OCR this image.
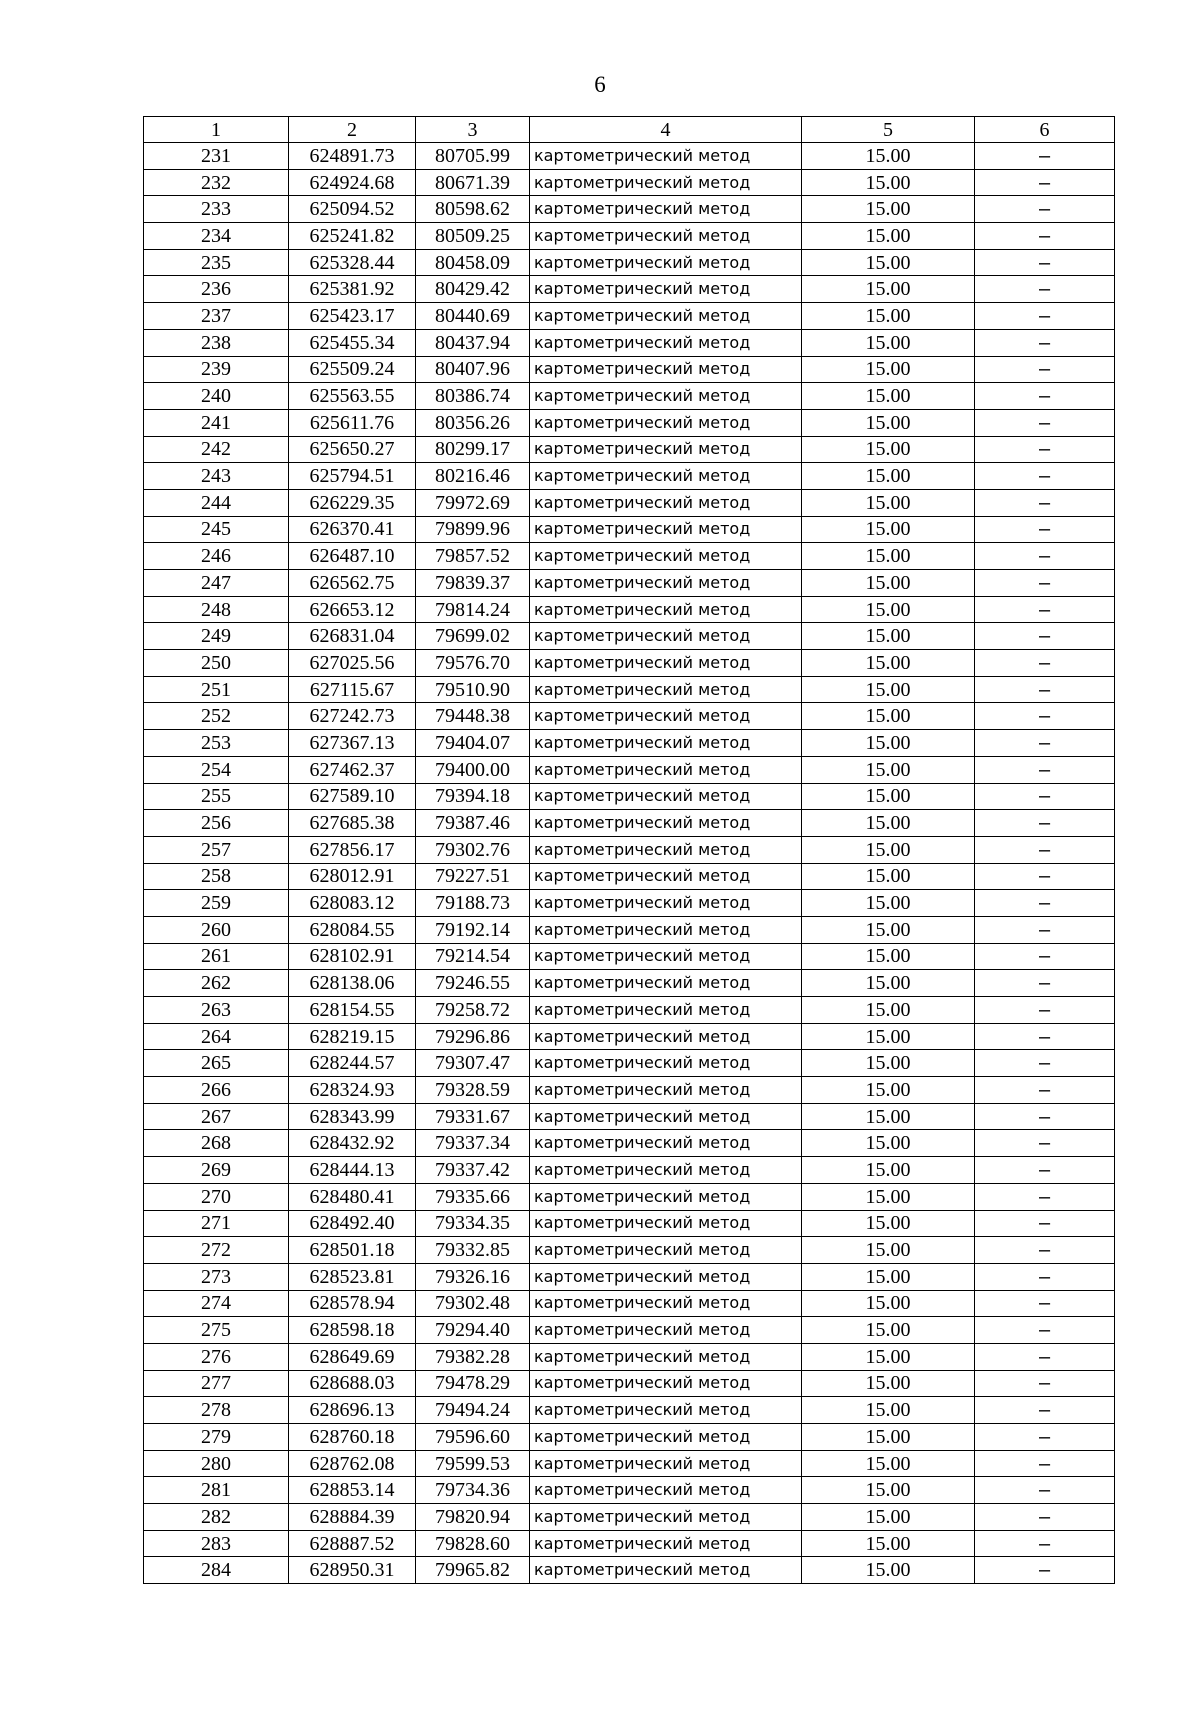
6
1	2	3	4	5	6
231	624891.73	80705.99	картометрический метод	15.00	–
232	624924.68	80671.39	картометрический метод	15.00	–
233	625094.52	80598.62	картометрический метод	15.00	–
234	625241.82	80509.25	картометрический метод	15.00	–
235	625328.44	80458.09	картометрический метод	15.00	–
236	625381.92	80429.42	картометрический метод	15.00	–
237	625423.17	80440.69	картометрический метод	15.00	–
238	625455.34	80437.94	картометрический метод	15.00	–
239	625509.24	80407.96	картометрический метод	15.00	–
240	625563.55	80386.74	картометрический метод	15.00	–
241	625611.76	80356.26	картометрический метод	15.00	–
242	625650.27	80299.17	картометрический метод	15.00	–
243	625794.51	80216.46	картометрический метод	15.00	–
244	626229.35	79972.69	картометрический метод	15.00	–
245	626370.41	79899.96	картометрический метод	15.00	–
246	626487.10	79857.52	картометрический метод	15.00	–
247	626562.75	79839.37	картометрический метод	15.00	–
248	626653.12	79814.24	картометрический метод	15.00	–
249	626831.04	79699.02	картометрический метод	15.00	–
250	627025.56	79576.70	картометрический метод	15.00	–
251	627115.67	79510.90	картометрический метод	15.00	–
252	627242.73	79448.38	картометрический метод	15.00	–
253	627367.13	79404.07	картометрический метод	15.00	–
254	627462.37	79400.00	картометрический метод	15.00	–
255	627589.10	79394.18	картометрический метод	15.00	–
256	627685.38	79387.46	картометрический метод	15.00	–
257	627856.17	79302.76	картометрический метод	15.00	–
258	628012.91	79227.51	картометрический метод	15.00	–
259	628083.12	79188.73	картометрический метод	15.00	–
260	628084.55	79192.14	картометрический метод	15.00	–
261	628102.91	79214.54	картометрический метод	15.00	–
262	628138.06	79246.55	картометрический метод	15.00	–
263	628154.55	79258.72	картометрический метод	15.00	–
264	628219.15	79296.86	картометрический метод	15.00	–
265	628244.57	79307.47	картометрический метод	15.00	–
266	628324.93	79328.59	картометрический метод	15.00	–
267	628343.99	79331.67	картометрический метод	15.00	–
268	628432.92	79337.34	картометрический метод	15.00	–
269	628444.13	79337.42	картометрический метод	15.00	–
270	628480.41	79335.66	картометрический метод	15.00	–
271	628492.40	79334.35	картометрический метод	15.00	–
272	628501.18	79332.85	картометрический метод	15.00	–
273	628523.81	79326.16	картометрический метод	15.00	–
274	628578.94	79302.48	картометрический метод	15.00	–
275	628598.18	79294.40	картометрический метод	15.00	–
276	628649.69	79382.28	картометрический метод	15.00	–
277	628688.03	79478.29	картометрический метод	15.00	–
278	628696.13	79494.24	картометрический метод	15.00	–
279	628760.18	79596.60	картометрический метод	15.00	–
280	628762.08	79599.53	картометрический метод	15.00	–
281	628853.14	79734.36	картометрический метод	15.00	–
282	628884.39	79820.94	картометрический метод	15.00	–
283	628887.52	79828.60	картометрический метод	15.00	–
284	628950.31	79965.82	картометрический метод	15.00	–
